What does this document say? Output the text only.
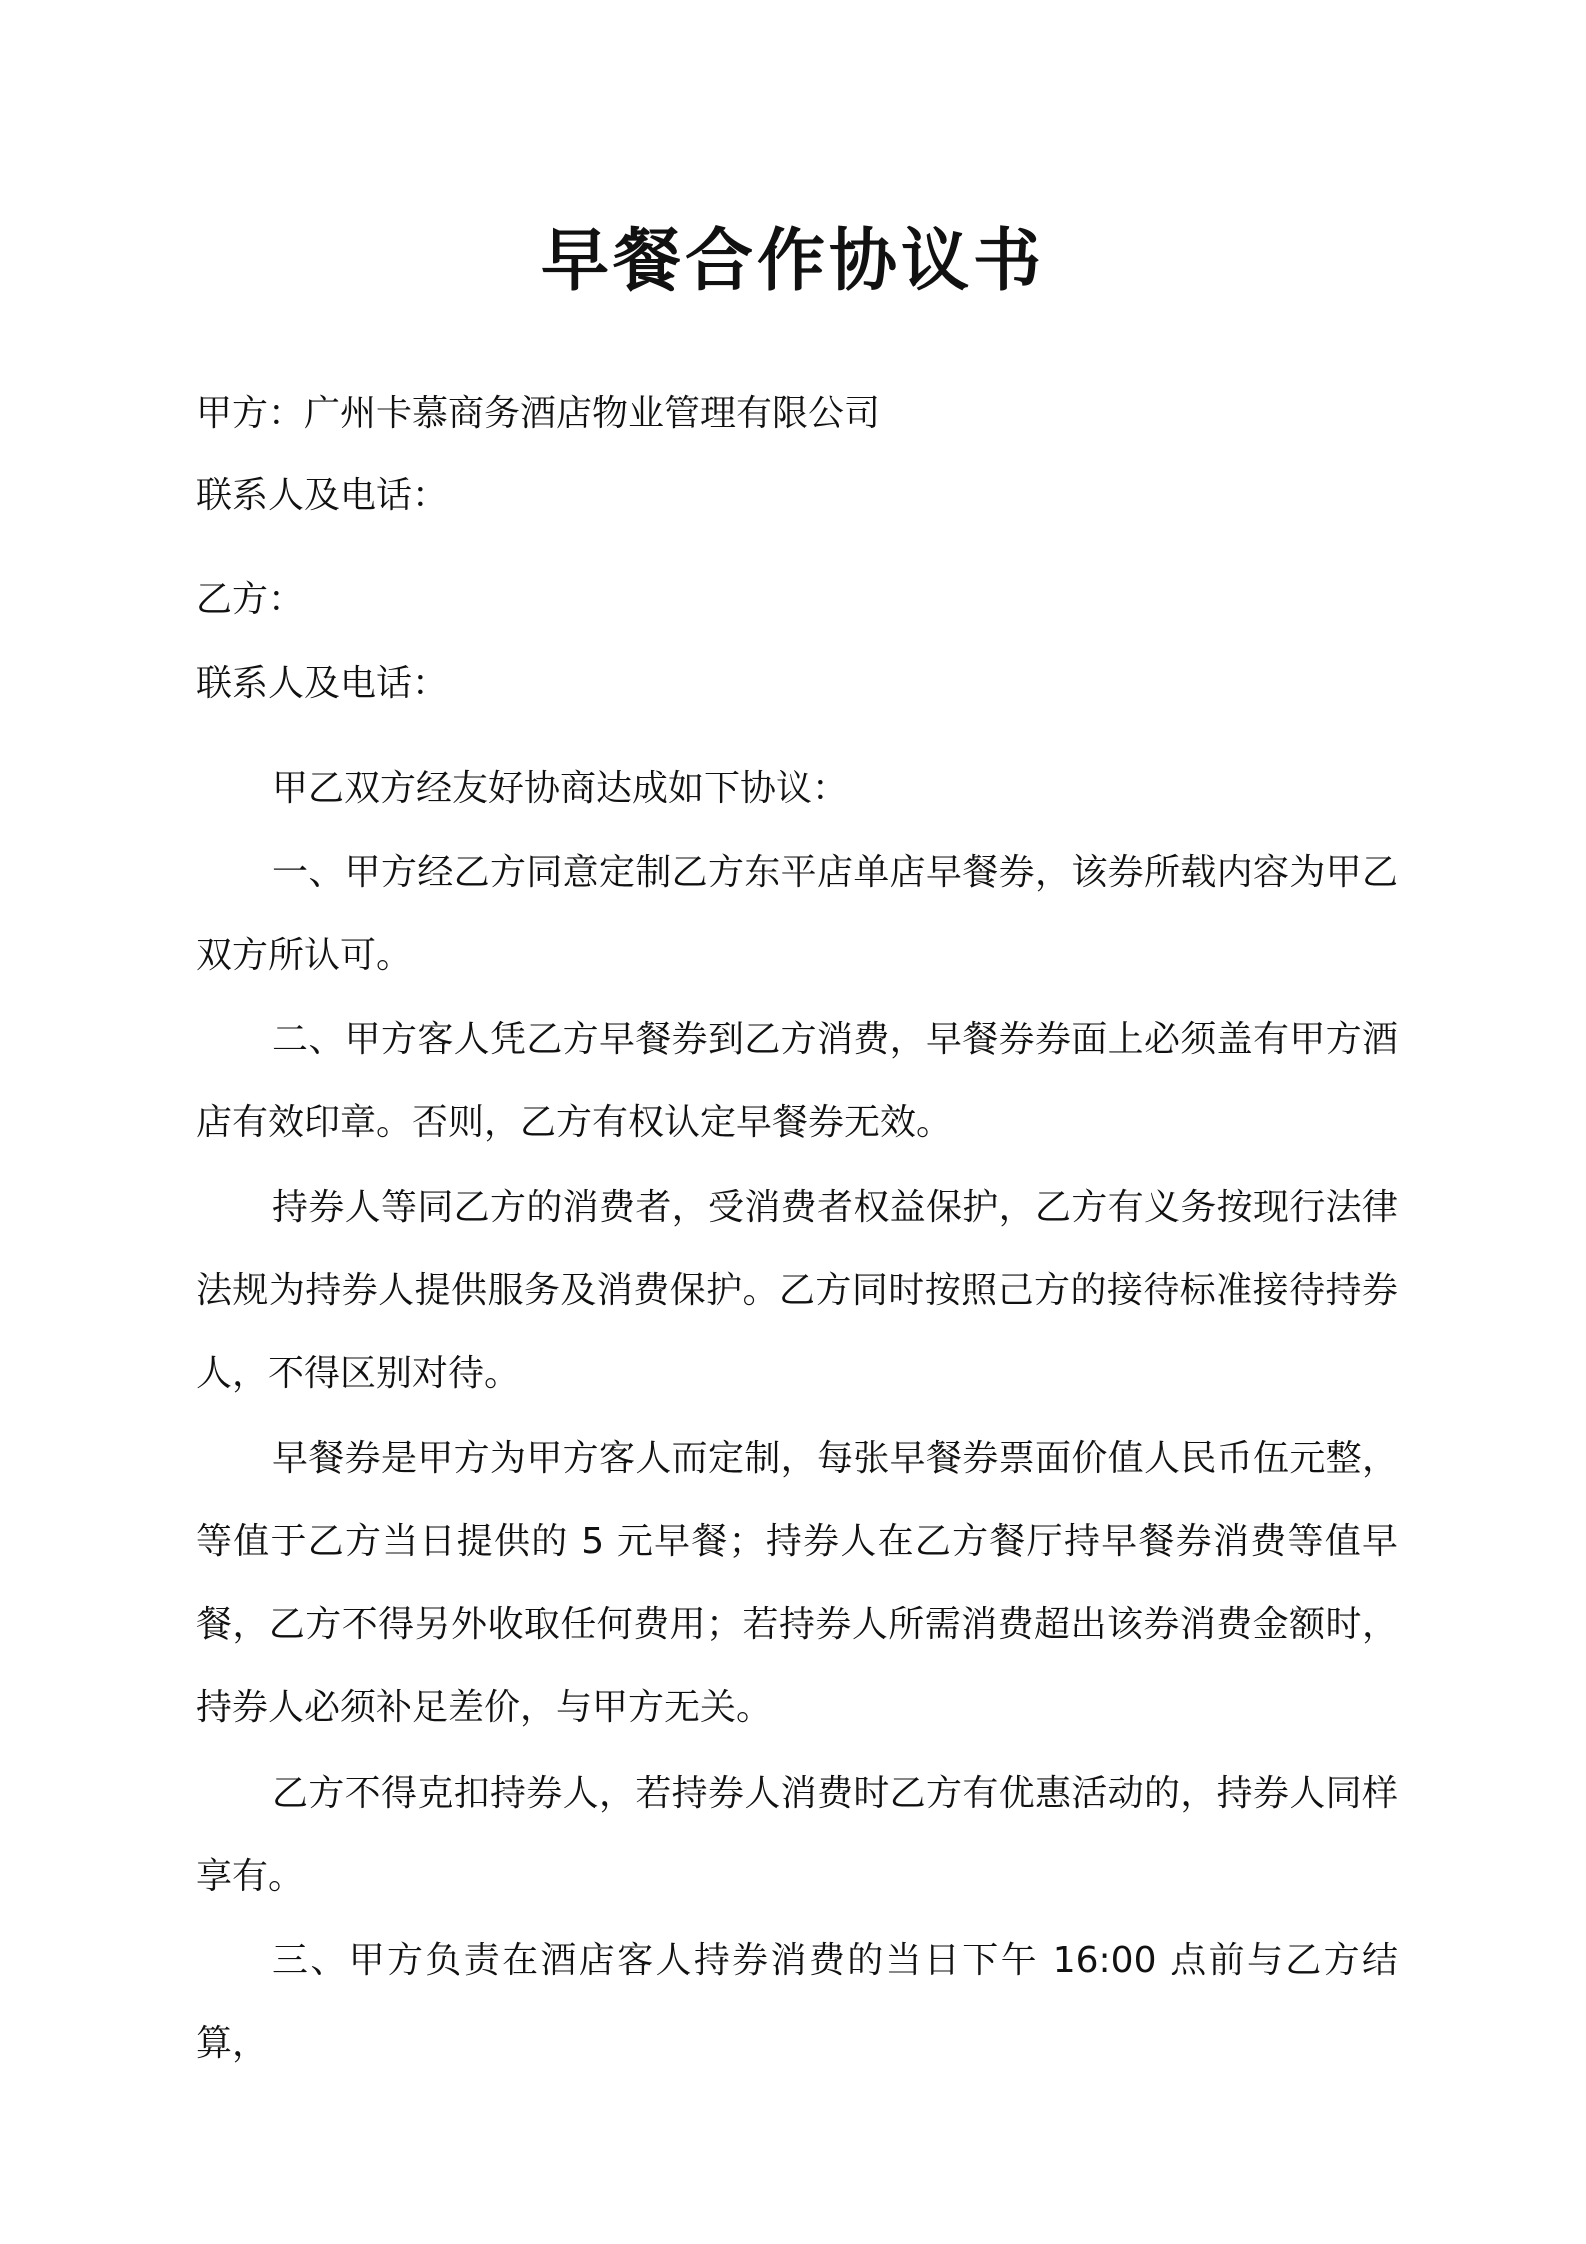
早餐合作协议书

甲方：广州卡慕商务酒店物业管理有限公司

联系人及电话：

乙方：

联系人及电话：

甲乙双方经友好协商达成如下协议：

一、甲方经乙方同意定制乙方东平店单店早餐券，该券所载内容为甲乙双方所认可。

二、甲方客人凭乙方早餐券到乙方消费，早餐券券面上必须盖有甲方酒店有效印章。否则，乙方有权认定早餐券无效。

持券人等同乙方的消费者，受消费者权益保护，乙方有义务按现行法律法规为持券人提供服务及消费保护。乙方同时按照己方的接待标准接待持券人，不得区别对待。

早餐券是甲方为甲方客人而定制，每张早餐券票面价值人民币伍元整，等值于乙方当日提供的 5 元早餐；持券人在乙方餐厅持早餐券消费等值早餐，乙方不得另外收取任何费用；若持券人所需消费超出该券消费金额时，持券人必须补足差价，与甲方无关。

乙方不得克扣持券人，若持券人消费时乙方有优惠活动的，持券人同样享有。

三、甲方负责在酒店客人持券消费的当日下午 16:00 点前与乙方结算，
